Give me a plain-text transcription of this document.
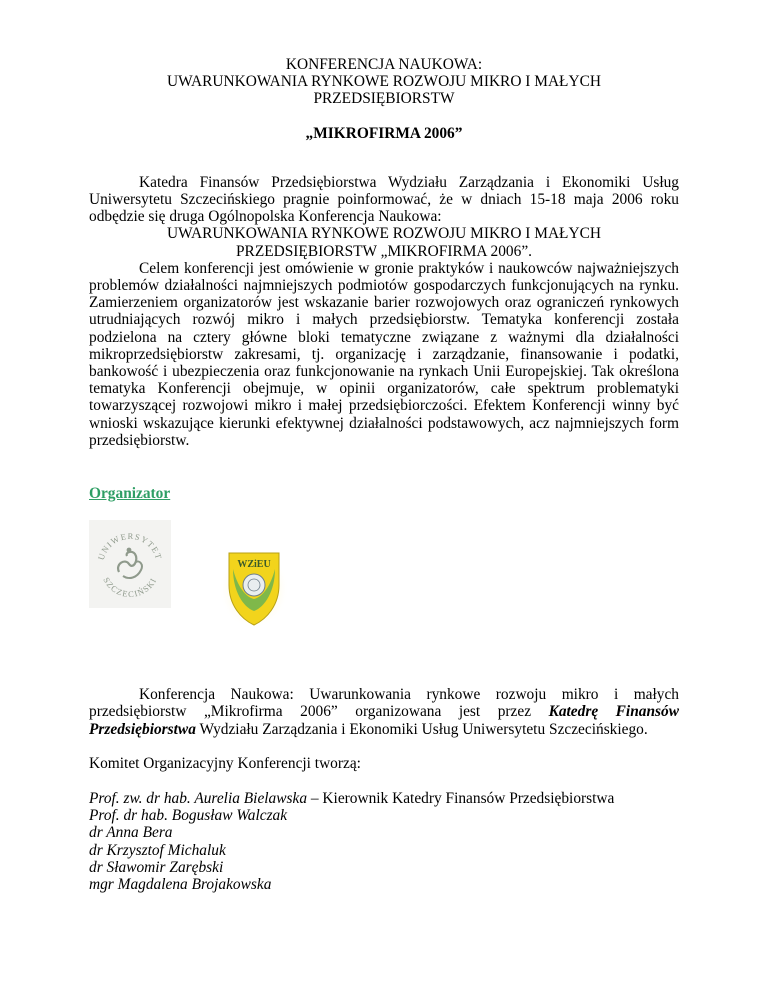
KONFERENCJA NAUKOWA:
UWARUNKOWANIA RYNKOWE ROZWOJU MIKRO I MAŁYCH
PRZEDSIĘBIORSTW
„MIKROFIRMA 2006”
Katedra Finansów Przedsiębiorstwa Wydziału Zarządzania i Ekonomiki Usług Uniwersytetu Szczecińskiego pragnie poinformować, że w dniach 15-18 maja 2006 roku odbędzie się druga Ogólnopolska Konferencja Naukowa:
UWARUNKOWANIA RYNKOWE ROZWOJU MIKRO I MAŁYCH
PRZEDSIĘBIORSTW „MIKROFIRMA 2006”.
Celem konferencji jest omówienie w gronie praktyków i naukowców najważniejszych problemów działalności najmniejszych podmiotów gospodarczych funkcjonujących na rynku. Zamierzeniem organizatorów jest wskazanie barier rozwojowych oraz ograniczeń rynkowych utrudniających rozwój mikro i małych przedsiębiorstw. Tematyka konferencji została podzielona na cztery główne bloki tematyczne związane z ważnymi dla działalności mikroprzedsiębiorstw zakresami, tj. organizację i zarządzanie, finansowanie i podatki, bankowość i ubezpieczenia oraz funkcjonowanie na rynkach Unii Europejskiej. Tak określona tematyka Konferencji obejmuje, w opinii organizatorów, całe spektrum problematyki towarzyszącej rozwojowi mikro i małej przedsiębiorczości. Efektem Konferencji winny być wnioski wskazujące kierunki efektywnej działalności podstawowych, acz najmniejszych form przedsiębiorstw.
Organizator
UNIWERSYTET
SZCZECIŃSKI
WZiEU
Konferencja Naukowa: Uwarunkowania rynkowe rozwoju mikro i małych przedsiębiorstw „Mikrofirma 2006” organizowana jest przez Katedrę Finansów Przedsiębiorstwa Wydziału Zarządzania i Ekonomiki Usług Uniwersytetu Szczecińskiego.
Komitet Organizacyjny Konferencji tworzą:
Prof. zw. dr hab. Aurelia Bielawska – Kierownik Katedry Finansów Przedsiębiorstwa
Prof. dr hab. Bogusław Walczak
dr Anna Bera
dr Krzysztof Michaluk
dr Sławomir Zarębski
mgr Magdalena Brojakowska
